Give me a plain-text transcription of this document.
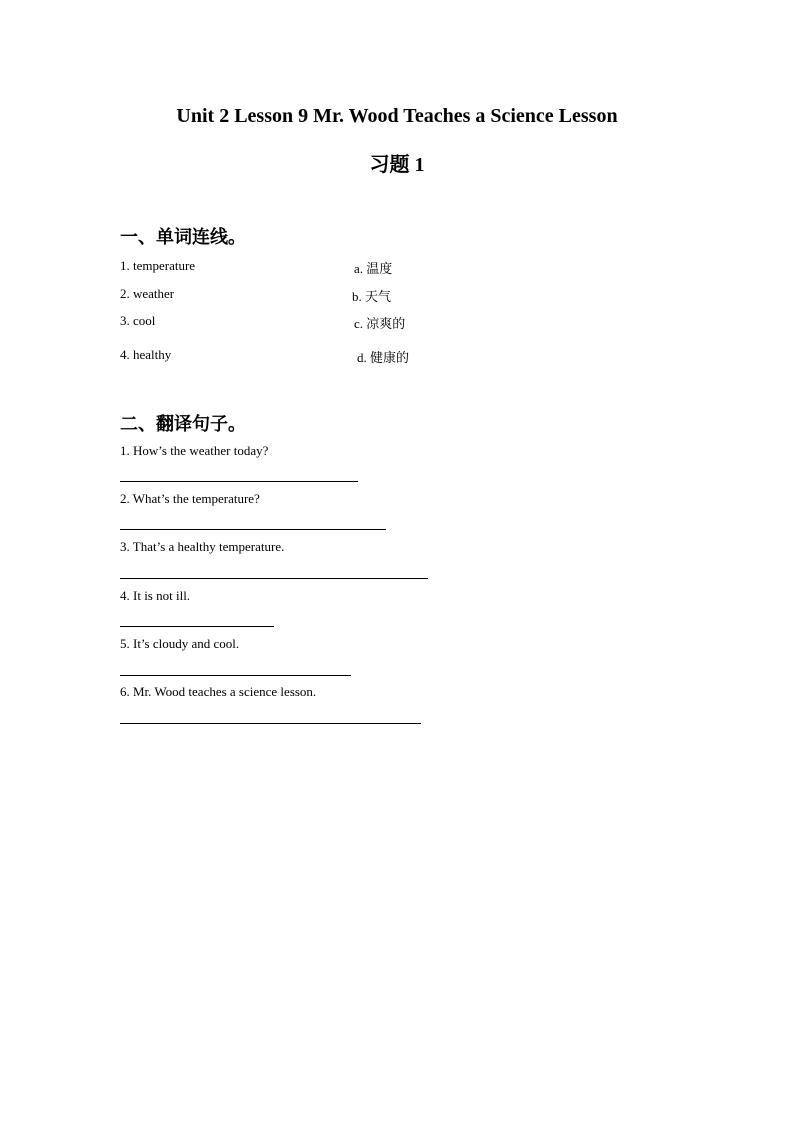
Unit 2 Lesson 9 Mr. Wood Teaches a Science Lesson
习题 1
一、单词连线。
1. temperature	a. 温度
2. weather	b. 天气
3. cool	c. 凉爽的
4. healthy	d. 健康的
二、翻译句子。
1. How’s the weather today?
2. What’s the temperature?
3. That’s a healthy temperature.
4. It is not ill.
5. It’s cloudy and cool.
6. Mr. Wood teaches a science lesson.
